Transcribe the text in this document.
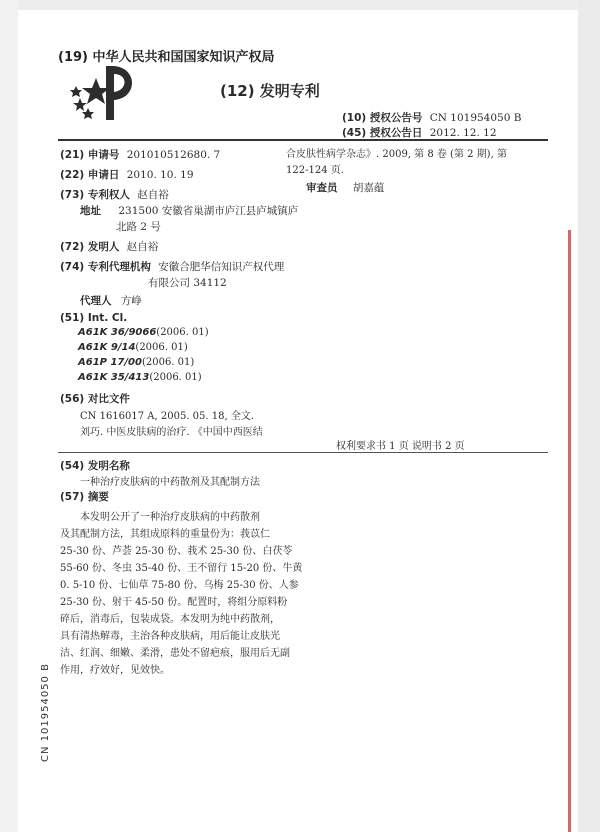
(19) 中华人民共和国国家知识产权局
(12) 发明专利
(10) 授权公告号 CN 101954050 B
(45) 授权公告日 2012. 12. 12
(21) 申请号 201010512680. 7
(22) 申请日 2010. 10. 19
(73) 专利权人 赵自裕
地址 231500 安徽省巢湖市庐江县庐城镇庐
北路 2 号
(72) 发明人 赵自裕
(74) 专利代理机构 安徽合肥华信知识产权代理
有限公司 34112
代理人 方峥
(51) Int. Cl.
A61K 36/9066(2006. 01)
A61K 9/14(2006. 01)
A61P 17/00(2006. 01)
A61K 35/413(2006. 01)
(56) 对比文件
CN 1616017 A, 2005. 05. 18, 全文.
刘巧. 中医皮肤病的治疗. 《中国中西医结
合皮肤性病学杂志》. 2009, 第 8 卷 (第 2 期), 第
122-124 页.
审查员 胡嘉蕴
权利要求书 1 页 说明书 2 页
(54) 发明名称
一种治疗皮肤病的中药散剂及其配制方法
(57) 摘要

本发明公开了一种治疗皮肤病的中药散剂

及其配制方法，其组成原料的重量份为：莪苡仁

25-30 份、芦荟 25-30 份、莪术 25-30 份、白茯苓

55-60 份、冬虫 35-40 份、王不留行 15-20 份、牛黄

0. 5-10 份、七仙草 75-80 份、乌梅 25-30 份、人参

25-30 份、射干 45-50 份。配置时，将组分原料粉

碎后，消毒后，包装成袋。本发明为纯中药散剂，

具有清热解毒，主治各种皮肤病，用后能让皮肤光

洁、红润、细嫩、柔滑，患处不留疤痕，服用后无副

作用，疗效好，见效快。

CN 101954050 B
